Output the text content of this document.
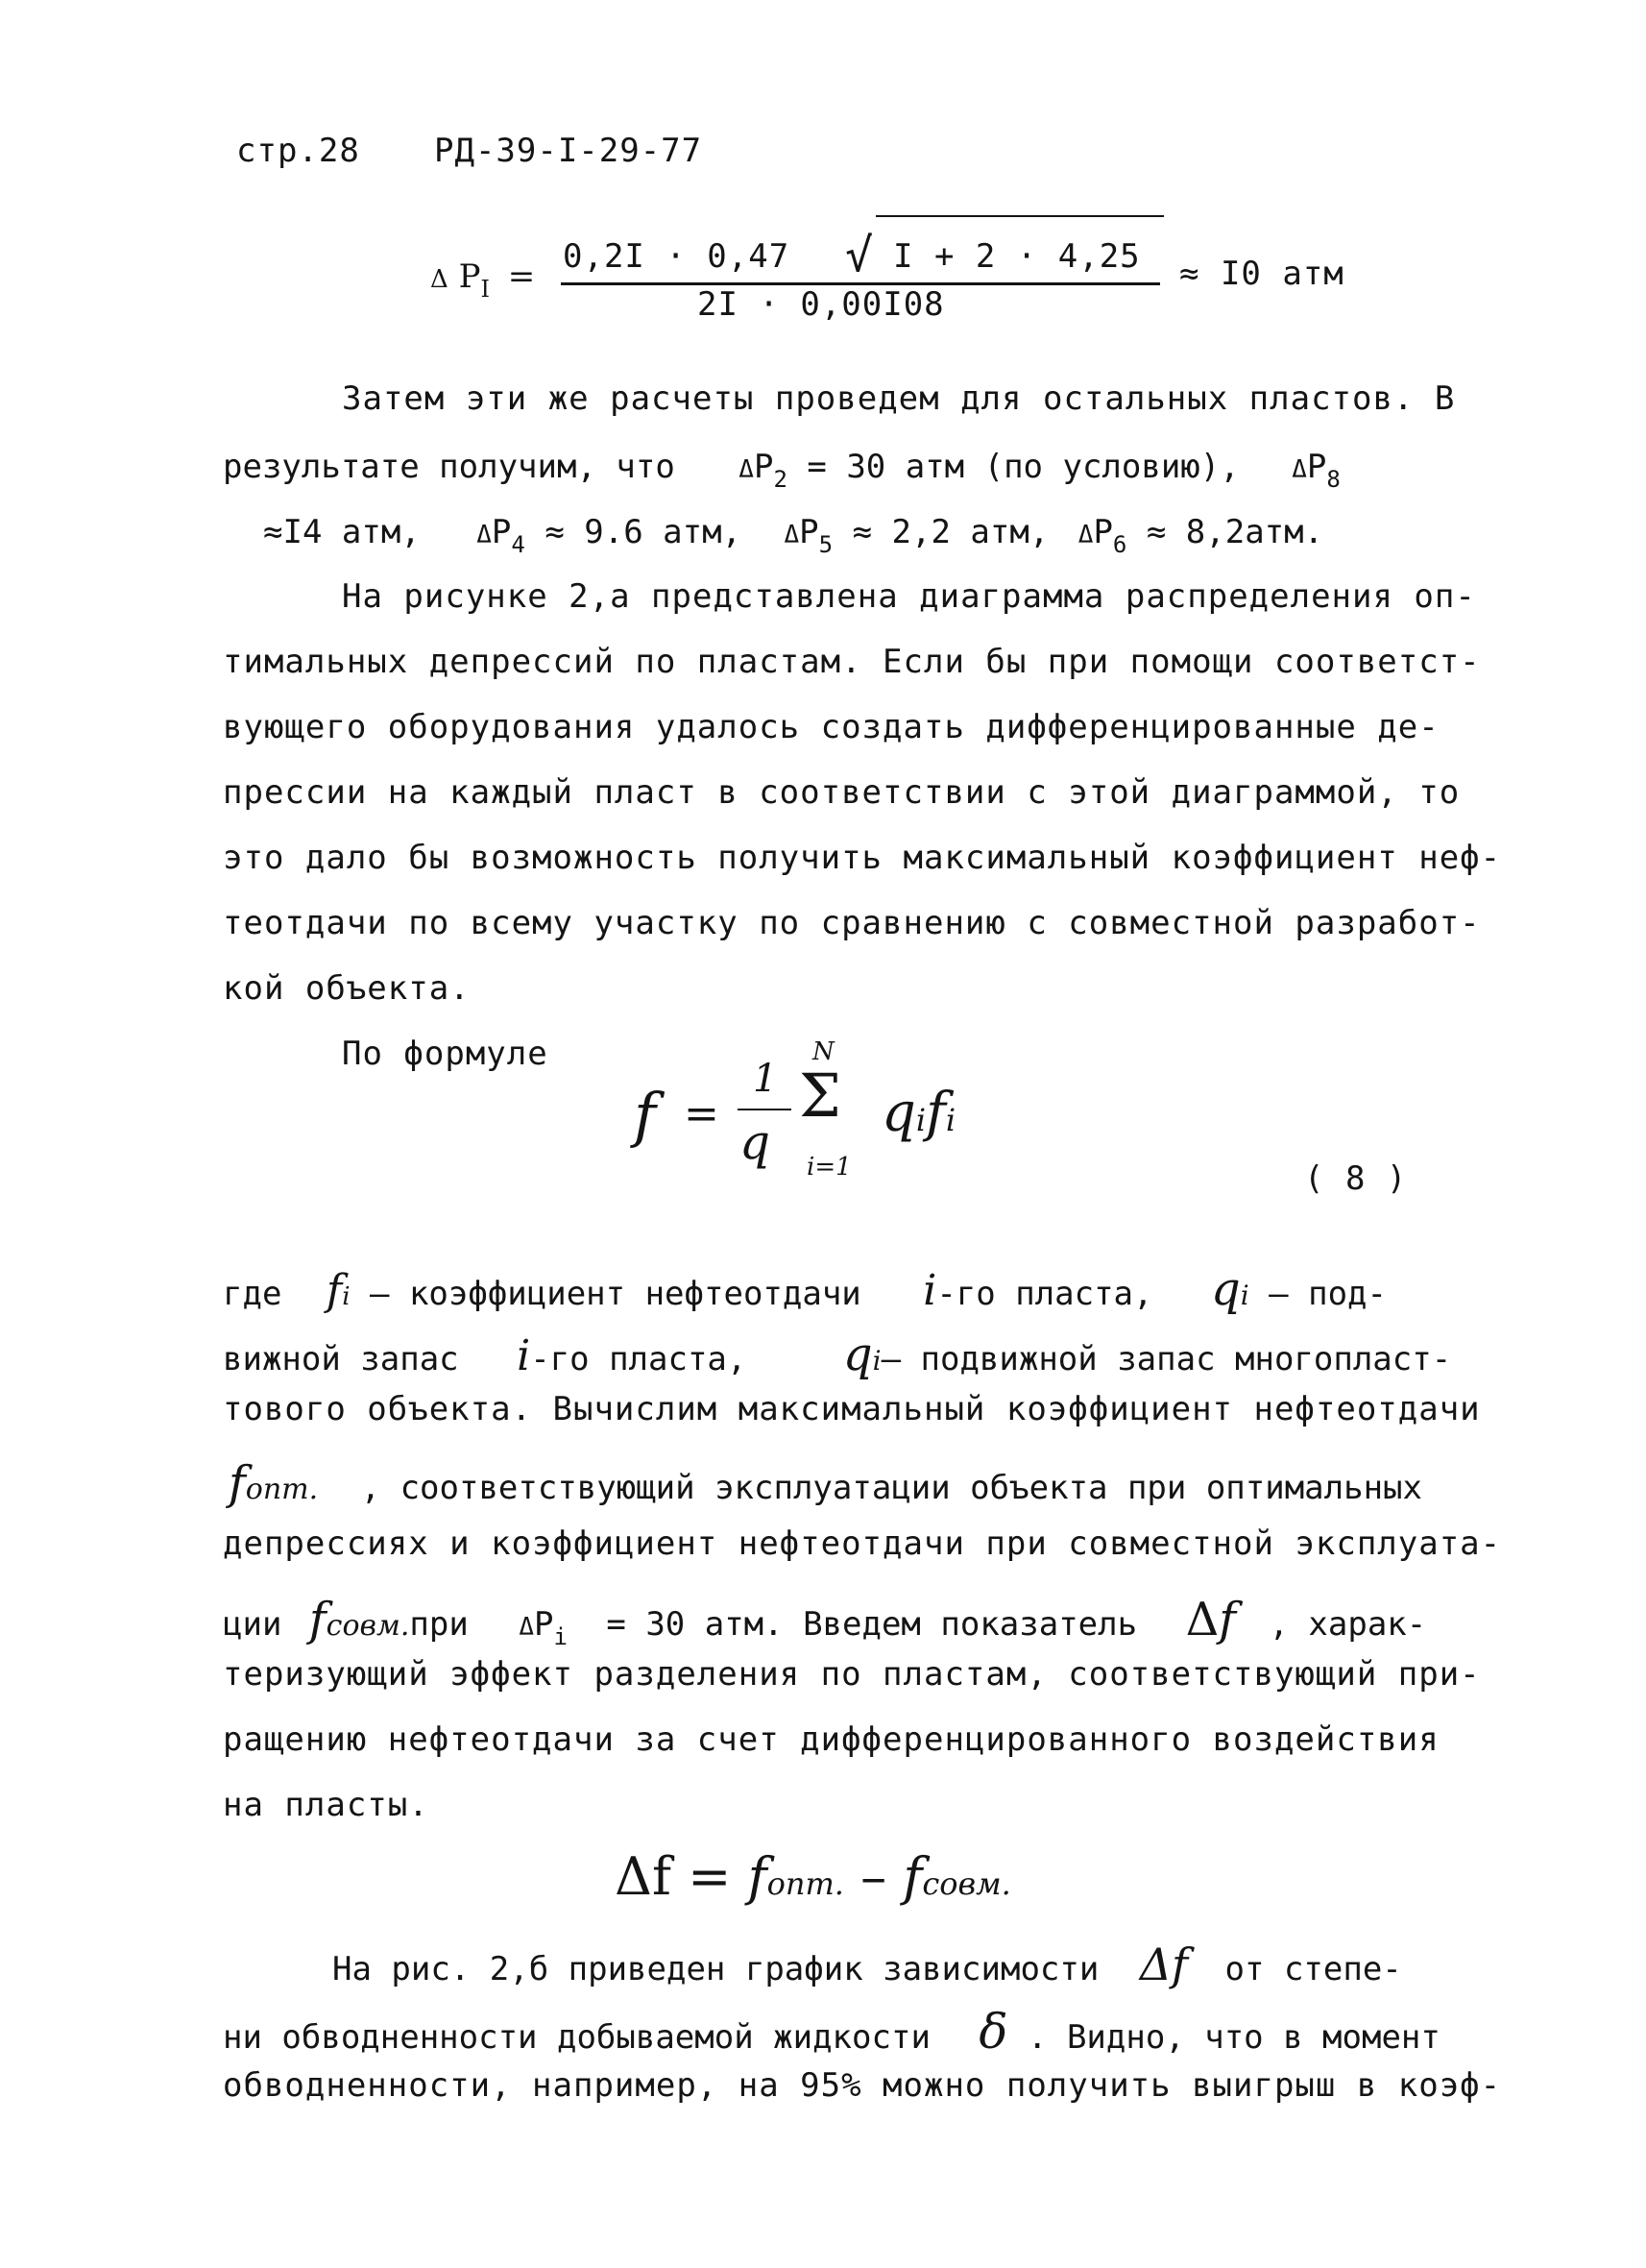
стр.28 РД-39-I-29-77
Δ $P_I$ =
0,2I · 0,47 √ I + 2 · 4,25
2I · 0,00I08
≈ I0 атм
Затем эти же расчеты проведем для остальных пластов. В
результате получим, что	$\Delta P_2 = 30$ атм (по условию), $\Delta P_8$
≈I4 атм, $\Delta P_4 \approx 9.6$ атм, $\Delta P_5 \approx 2,2$ атм, $\Delta P_6 \approx 8,2атм$.
На рисунке 2,а представлена диаграмма распределения оп-
тимальных депрессий по пластам. Если бы при помощи соответст-
вующего оборудования удалось создать дифференцированные де-
прессии на каждый пласт в соответствии с этой диаграммой, то
это дало бы возможность получить максимальный коэффициент неф-
теотдачи по всему участку по сравнению с совместной разработ-
кой объекта.
По формуле
f =
1
q
N
Σ
i=1
qifi
( 8 )
где fi – коэффициент нефтеотдачи i-го пласта, qi – под-
вижной запас i-го пласта, qi– подвижной запас многопласт-
тового объекта. Вычислим максимальный коэффициент нефтеотдачи
fопт. , соответствующий эксплуатации объекта при оптимальных
депрессиях и коэффициент нефтеотдачи при совместной эксплуата-
ции fсовм.при $\Delta P_i = 30$ атм. Введем показатель Δf , харак-
теризующий эффект разделения по пластам, соответствующий при-
ращению нефтеотдачи за счет дифференцированного воздействия
на пласты.
Δf = fопт. – fсовм.
На рис. 2,б приведен график зависимости Δf от степе-
ни обводненности добываемой жидкости δ . Видно, что в момент
обводненности, например, на 95% можно получить выигрыш в коэф-
